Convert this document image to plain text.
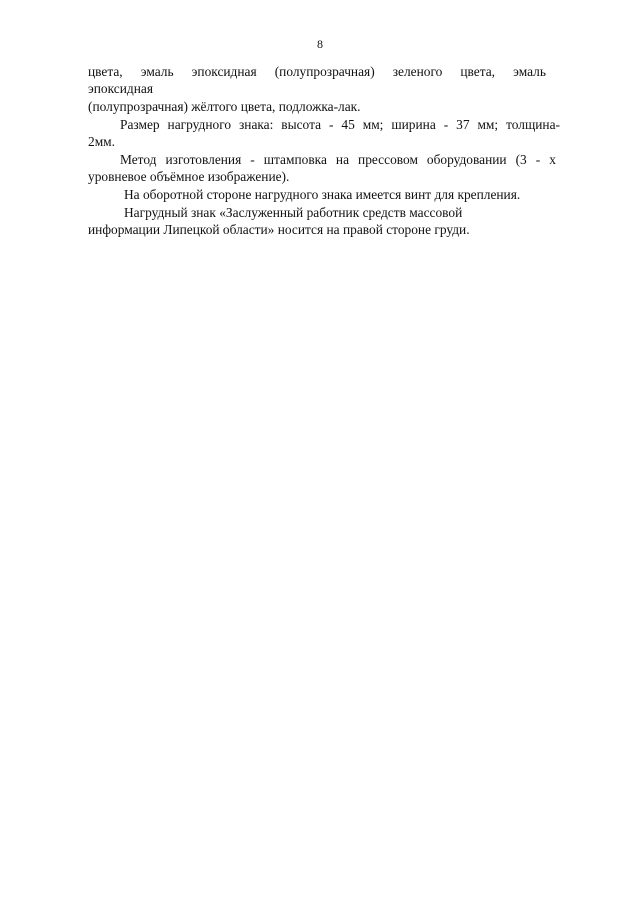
8
цвета, эмаль эпоксидная (полупрозрачная) зеленого цвета, эмаль
эпоксидная
(полупрозрачная) жёлтого цвета, подложка-лак.
Размер нагрудного знака: высота - 45 мм; ширина - 37 мм; толщина-
2мм.
Метод изготовления - штамповка на прессовом оборудовании (3 - х
уровневое объёмное изображение).
На оборотной стороне нагрудного знака имеется винт для крепления.
Нагрудный знак «Заслуженный работник средств массовой
информации Липецкой области» носится на правой стороне груди.
